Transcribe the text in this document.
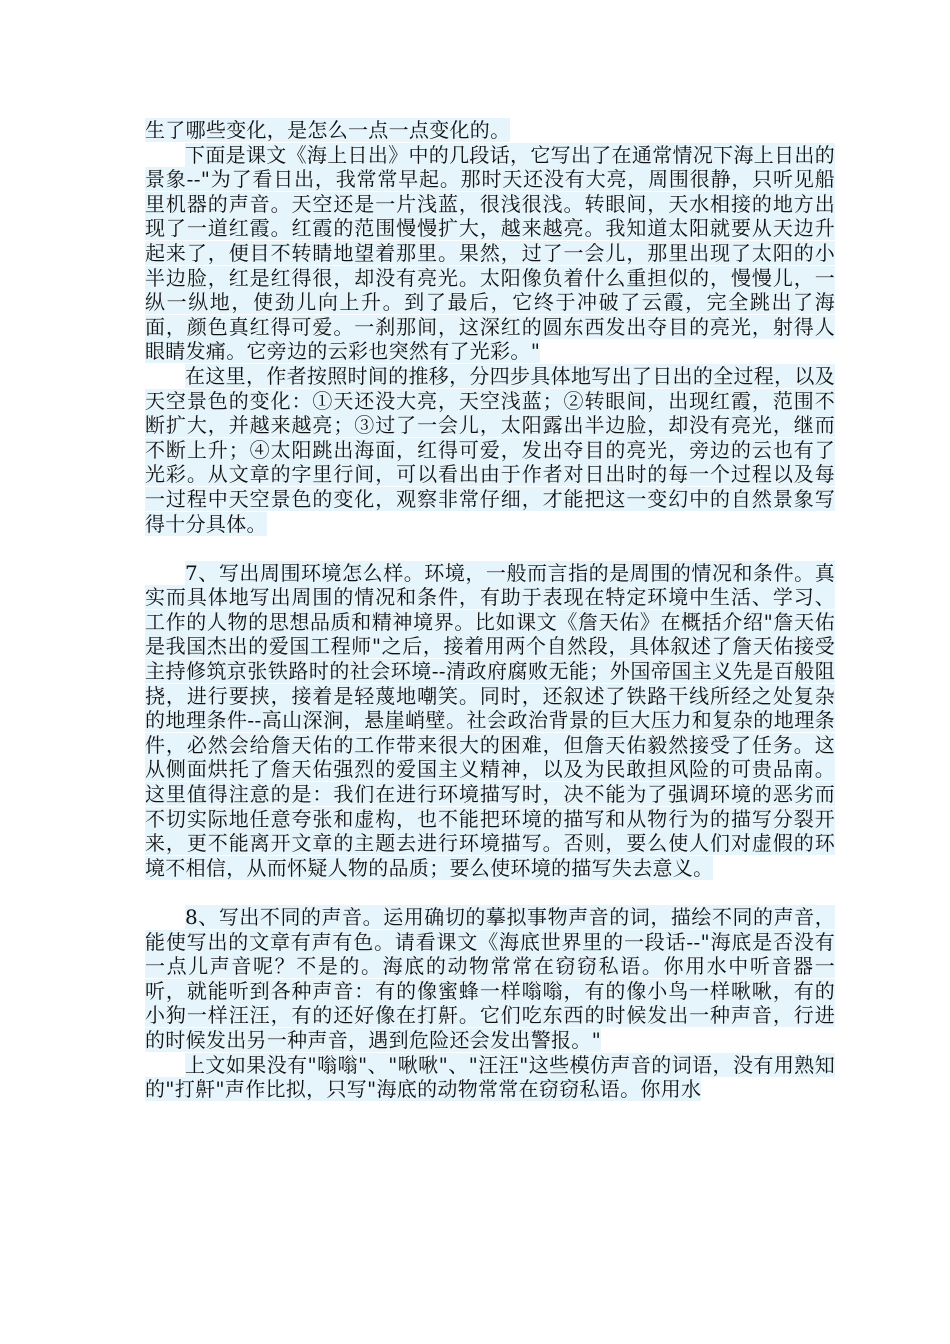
生了哪些变化，是怎么一点一点变化的。

下面是课文《海上日出》中的几段话，它写出了在通常情况下海上日出的景象--"为了看日出，我常常早起。那时天还没有大亮，周围很静，只听见船里机器的声音。天空还是一片浅蓝，很浅很浅。转眼间，天水相接的地方出现了一道红霞。红霞的范围慢慢扩大，越来越亮。我知道太阳就要从天边升起来了，便目不转睛地望着那里。果然，过了一会儿，那里出现了太阳的小半边脸，红是红得很，却没有亮光。太阳像负着什么重担似的，慢慢儿，一纵一纵地，使劲儿向上升。到了最后，它终于冲破了云霞，完全跳出了海面，颜色真红得可爱。一刹那间，这深红的圆东西发出夺目的亮光，射得人眼睛发痛。它旁边的云彩也突然有了光彩。"

在这里，作者按照时间的推移，分四步具体地写出了日出的全过程，以及天空景色的变化：①天还没大亮，天空浅蓝；②转眼间，出现红霞，范围不断扩大，并越来越亮；③过了一会儿，太阳露出半边脸，却没有亮光，继而不断上升；④太阳跳出海面，红得可爱，发出夺目的亮光，旁边的云也有了光彩。从文章的字里行间，可以看出由于作者对日出时的每一个过程以及每一过程中天空景色的变化，观察非常仔细，才能把这一变幻中的自然景象写得十分具体。

7、写出周围环境怎么样。环境，一般而言指的是周围的情况和条件。真实而具体地写出周围的情况和条件，有助于表现在特定环境中生活、学习、工作的人物的思想品质和精神境界。比如课文《詹天佑》在概括介绍"詹天佑是我国杰出的爱国工程师"之后，接着用两个自然段，具体叙述了詹天佑接受主持修筑京张铁路时的社会环境--清政府腐败无能；外国帝国主义先是百般阻挠，进行要挟，接着是轻蔑地嘲笑。同时，还叙述了铁路干线所经之处复杂的地理条件--高山深涧，悬崖峭壁。社会政治背景的巨大压力和复杂的地理条件，必然会给詹天佑的工作带来很大的困难，但詹天佑毅然接受了任务。这从侧面烘托了詹天佑强烈的爱国主义精神，以及为民敢担风险的可贵品南。这里值得注意的是：我们在进行环境描写时，决不能为了强调环境的恶劣而不切实际地任意夸张和虚构，也不能把环境的描写和从物行为的描写分裂开来，更不能离开文章的主题去进行环境描写。否则，要么使人们对虚假的环境不相信，从而怀疑人物的品质；要么使环境的描写失去意义。

8、写出不同的声音。运用确切的摹拟事物声音的词，描绘不同的声音，能使写出的文章有声有色。请看课文《海底世界里的一段话--"海底是否没有一点儿声音呢？不是的。海底的动物常常在窃窃私语。你用水中听音器一听，就能听到各种声音：有的像蜜蜂一样嗡嗡，有的像小鸟一样啾啾，有的小狗一样汪汪，有的还好像在打鼾。它们吃东西的时候发出一种声音，行进的时候发出另一种声音，遇到危险还会发出警报。"

上文如果没有"嗡嗡"、"啾啾"、"汪汪"这些模仿声音的词语，没有用熟知的"打鼾"声作比拟，只写"海底的动物常常在窃窃私语。你用水
